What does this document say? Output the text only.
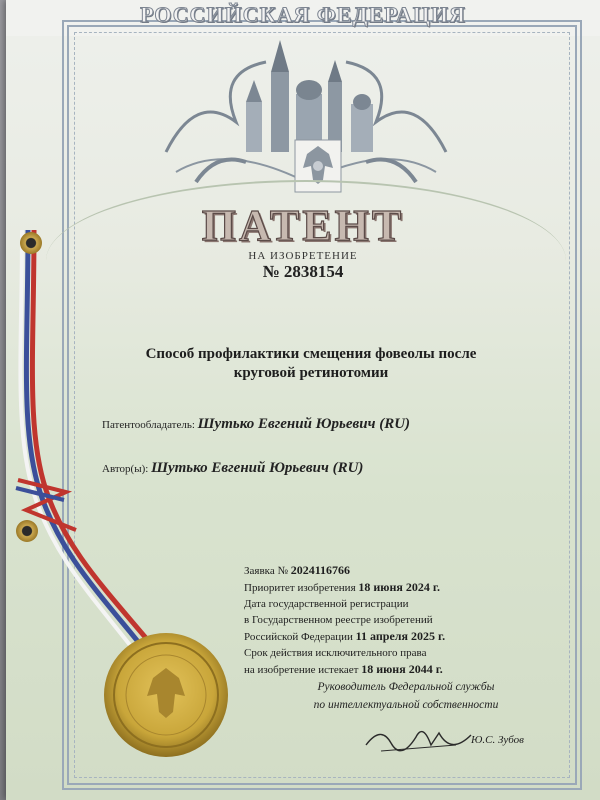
РОССИЙСКАЯ ФЕДЕРАЦИЯ
ПАТЕНТ
НА ИЗОБРЕТЕНИЕ
№ 2838154
Способ профилактики смещения фовеолы после
круговой ретинотомии
Патентообладатель: Шутько Евгений Юрьевич (RU)
Автор(ы): Шутько Евгений Юрьевич (RU)
Заявка № 2024116766
Приоритет изобретения 18 июня 2024 г.
Дата государственной регистрации
в Государственном реестре изобретений
Российской Федерации 11 апреля 2025 г.
Срок действия исключительного права
на изобретение истекает 18 июня 2044 г.
Руководитель Федеральной службы
по интеллектуальной собственности
Ю.С. Зубов
